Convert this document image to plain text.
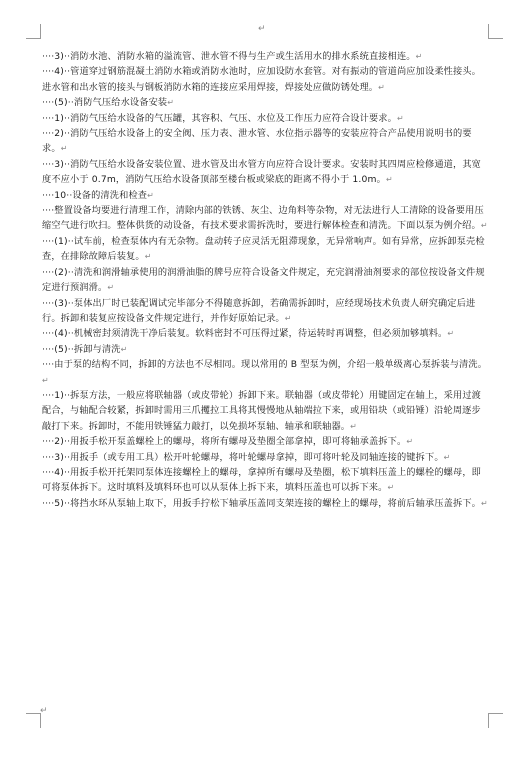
↵
↵

····3)··消防水池、消防水箱的溢流管、泄水管不得与生产或生活用水的排水系统直接相连。↵

····4)··管道穿过钢筋混凝土消防水箱或消防水池时，应加设防水套管。对有振动的管道尚应加设柔性接头。进水管和出水管的接头与钢板消防水箱的连接应采用焊接，焊接处应做防锈处理。↵

····(5)··消防气压给水设备安装↵

····1)··消防气压给水设备的气压罐，其容积、气压、水位及工作压力应符合设计要求。↵

····2)··消防气压给水设备上的安全阀、压力表、泄水管、水位指示器等的安装应符合产品使用说明书的要求。↵

····3)··消防气压给水设备安装位置、进水管及出水管方向应符合设计要求。安装时其四周应检修通道，其宽度不应小于 0.7m，消防气压给水设备顶部至楼台板或梁底的距离不得小于 1.0m。↵

····10··设备的清洗和检查↵

····整置设备均要进行清理工作，清除内部的铁锈、灰尘、边角料等杂物，对无法进行人工清除的设备要用压缩空气进行吹扫。整体供货的动设备，有技术要求需拆洗时，要进行解体检查和清洗。下面以泵为例介绍。↵

····(1)··试车前，检查泵体内有无杂物。盘动转子应灵活无阻滞现象，无异常响声。如有异常，应拆卸泵壳检查，在排除故障后装复。↵

····(2)··清洗和润滑轴承使用的润滑油脂的牌号应符合设备文件规定，充完润滑油剂要求的部位按设备文件规定进行预润滑。↵

····(3)··泵体出厂时已装配调试完毕部分不得随意拆卸，若确需拆卸时，应经现场技术负责人研究确定后进行。拆卸和装复应按设备文件规定进行，并作好原始记录。↵

····(4)··机械密封须清洗干净后装复。软料密封不可压得过紧，待运转时再调整，但必须加够填料。↵

····(5)··拆卸与清洗↵

····由于泵的结构不同，拆卸的方法也不尽相同。现以常用的 B 型泵为例，介绍一般单级离心泵拆装与清洗。↵

····1)··拆泵方法，一般应将联轴器（或皮带轮）拆卸下来。联轴器（或皮带轮）用键固定在轴上，采用过渡配合，与轴配合较紧，拆卸时需用三爪攫拉工具将其慢慢地从轴端拉下来，或用铅块（或铅锤）沿轮周逐步敲打下来。拆卸时，不能用铁锤猛力敲打，以免损坏泵轴、轴承和联轴器。↵

····2)··用扳手松开泵盖螺栓上的螺母，将所有螺母及垫圈全部拿掉，即可将轴承盖拆下。↵

····3)··用扳手（或专用工具）松开叶轮螺母，将叶轮螺母拿掉，即可将叶轮及同轴连接的键拆下。↵

····4)··用扳手松开托架同泵体连接螺栓上的螺母，拿掉所有螺母及垫圈，松下填料压盖上的螺栓的螺母，即可将泵体拆下。这时填料及填料环也可以从泵体上拆下来，填料压盖也可以拆下来。↵

····5)··将挡水环从泵轴上取下，用扳手拧松下轴承压盖同支架连接的螺栓上的螺母，将前后轴承压盖拆下。↵
